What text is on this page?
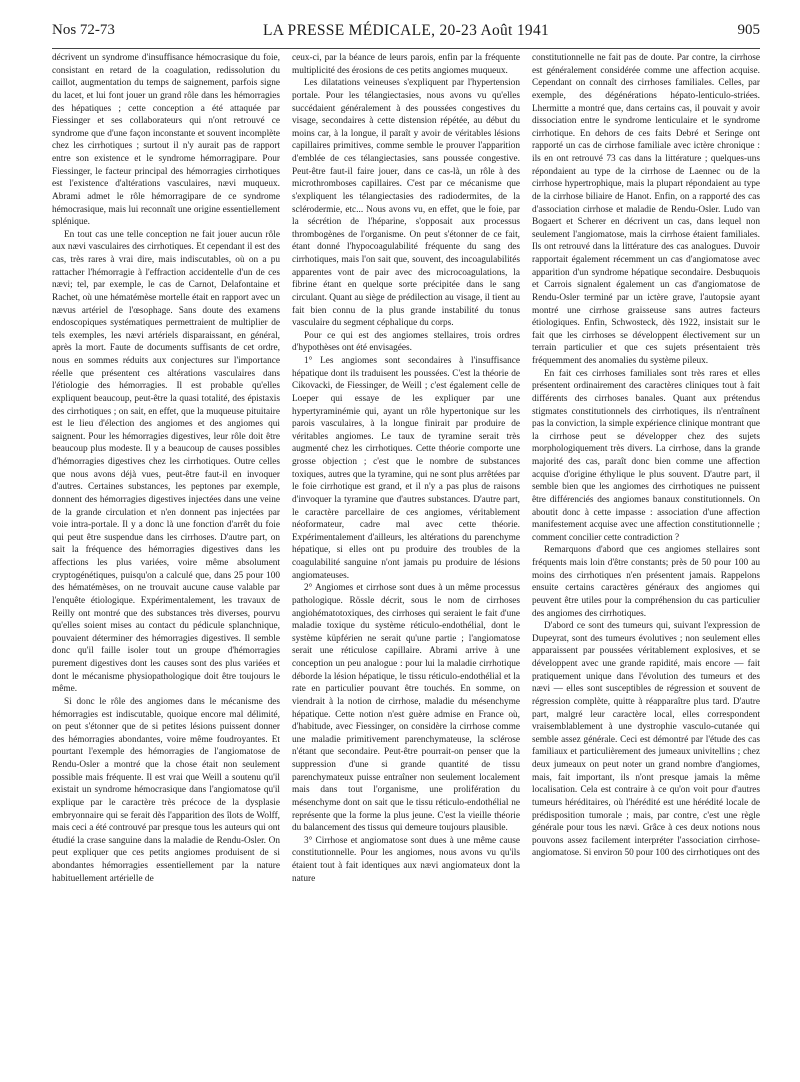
Nos 72-73	LA PRESSE MÉDICALE, 20-23 Août 1941	905

décrivent un syndrome d'insuffisance hémocrasique du foie, consistant en retard de la coagulation, redissolution du caillot, augmentation du temps de saignement, parfois signe du lacet, et lui font jouer un grand rôle dans les hémorragies des hépatiques ; cette conception a été attaquée par Fiessinger et ses collaborateurs qui n'ont retrouvé ce syndrome que d'une façon inconstante et souvent incomplète chez les cirrhotiques ; surtout il n'y aurait pas de rapport entre son existence et le syndrome hémorragipare. Pour Fiessinger, le facteur principal des hémorragies cirrhotiques est l'existence d'altérations vasculaires, nævi muqueux. Abrami admet le rôle hémorragipare de ce syndrome hémocrasique, mais lui reconnaît une origine essentiellement splénique.

En tout cas une telle conception ne fait jouer aucun rôle aux nævi vasculaires des cirrhotiques. Et cependant il est des cas, très rares à vrai dire, mais indiscutables, où on a pu rattacher l'hémorragie à l'effraction accidentelle d'un de ces nævi; tel, par exemple, le cas de Carnot, Delafontaine et Rachet, où une hématémèse mortelle était en rapport avec un nævus artériel de l'œsophage. Sans doute des examens endoscopiques systématiques permettraient de multiplier de tels exemples, les nævi artériels disparaissant, en général, après la mort. Faute de documents suffisants de cet ordre, nous en sommes réduits aux conjectures sur l'importance réelle que présentent ces altérations vasculaires dans l'étiologie des hémorragies. Il est probable qu'elles expliquent beaucoup, peut-être la quasi totalité, des épistaxis des cirrhotiques ; on sait, en effet, que la muqueuse pituitaire est le lieu d'élection des angiomes et des angiomes qui saignent. Pour les hémorragies digestives, leur rôle doit être beaucoup plus modeste. Il y a beaucoup de causes possibles d'hémorragies digestives chez les cirrhotiques. Outre celles que nous avons déjà vues, peut-être faut-il en invoquer d'autres. Certaines substances, les peptones par exemple, donnent des hémorragies digestives injectées dans une veine de la grande circulation et n'en donnent pas injectées par voie intra-portale. Il y a donc là une fonction d'arrêt du foie qui peut être suspendue dans les cirrhoses. D'autre part, on sait la fréquence des hémorragies digestives dans les affections les plus variées, voire même absolument cryptogénétiques, puisqu'on a calculé que, dans 25 pour 100 des hématémèses, on ne trouvait aucune cause valable par l'enquête étiologique. Expérimentalement, les travaux de Reilly ont montré que des substances très diverses, pourvu qu'elles soient mises au contact du pédicule splanchnique, pouvaient déterminer des hémorragies digestives. Il semble donc qu'il faille isoler tout un groupe d'hémorragies purement digestives dont les causes sont des plus variées et dont le mécanisme physiopathologique doit être toujours le même.

Si donc le rôle des angiomes dans le mécanisme des hémorragies est indiscutable, quoique encore mal délimité, on peut s'étonner que de si petites lésions puissent donner des hémorragies abondantes, voire même foudroyantes. Et pourtant l'exemple des hémorragies de l'angiomatose de Rendu-Osler a montré que la chose était non seulement possible mais fréquente. Il est vrai que Weill a soutenu qu'il existait un syndrome hémocrasique dans l'angiomatose qu'il explique par le caractère très précoce de la dysplasie embryonnaire qui se ferait dès l'apparition des îlots de Wolff, mais ceci a été controuvé par presque tous les auteurs qui ont étudié la crase sanguine dans la maladie de Rendu-Osler. On peut expliquer que ces petits angiomes produisent de si abondantes hémorragies essentiellement par la nature habituellement artérielle de

ceux-ci, par la béance de leurs parois, enfin par la fréquente multiplicité des érosions de ces petits angiomes muqueux.

Les dilatations veineuses s'expliquent par l'hypertension portale. Pour les télangiectasies, nous avons vu qu'elles succédaient généralement à des poussées congestives du visage, secondaires à cette distension répétée, au début du moins car, à la longue, il paraît y avoir de véritables lésions capillaires primitives, comme semble le prouver l'apparition d'emblée de ces télangiectasies, sans poussée congestive. Peut-être faut-il faire jouer, dans ce cas-là, un rôle à des microthromboses capillaires. C'est par ce mécanisme que s'expliquent les télangiectasies des radiodermites, de la sclérodermie, etc... Nous avons vu, en effet, que le foie, par la sécrétion de l'héparine, s'opposait aux processus thrombogènes de l'organisme. On peut s'étonner de ce fait, étant donné l'hypocoagulabilité fréquente du sang des cirrhotiques, mais l'on sait que, souvent, des incoagulabilités apparentes vont de pair avec des microcoagulations, la fibrine étant en quelque sorte précipitée dans le sang circulant. Quant au siège de prédilection au visage, il tient au fait bien connu de la plus grande instabilité du tonus vasculaire du segment céphalique du corps.

Pour ce qui est des angiomes stellaires, trois ordres d'hypothèses ont été envisagées.

1° Les angiomes sont secondaires à l'insuffisance hépatique dont ils traduisent les poussées. C'est la théorie de Cikovacki, de Fiessinger, de Weill ; c'est également celle de Loeper qui essaye de les expliquer par une hypertyraminémie qui, ayant un rôle hypertonique sur les parois vasculaires, à la longue finirait par produire de véritables angiomes. Le taux de tyramine serait très augmenté chez les cirrhotiques. Cette théorie comporte une grosse objection ; c'est que le nombre de substances toxiques, autres que la tyramine, qui ne sont plus arrêtées par le foie cirrhotique est grand, et il n'y a pas plus de raisons d'invoquer la tyramine que d'autres substances. D'autre part, le caractère parcellaire de ces angiomes, véritablement néoformateur, cadre mal avec cette théorie. Expérimentalement d'ailleurs, les altérations du parenchyme hépatique, si elles ont pu produire des troubles de la coagulabilité sanguine n'ont jamais pu produire de lésions angiomateuses.

2° Angiomes et cirrhose sont dues à un même processus pathologique. Rössle décrit, sous le nom de cirrhoses angiohématotoxiques, des cirrhoses qui seraient le fait d'une maladie toxique du système réticulo-endothélial, dont le système küpférien ne serait qu'une partie ; l'angiomatose serait une réticulose capillaire. Abrami arrive à une conception un peu analogue : pour lui la maladie cirrhotique déborde la lésion hépatique, le tissu réticulo-endothélial et la rate en particulier pouvant être touchés. En somme, on viendrait à la notion de cirrhose, maladie du mésenchyme hépatique. Cette notion n'est guère admise en France où, d'habitude, avec Fiessinger, on considère la cirrhose comme une maladie primitivement parenchymateuse, la sclérose n'étant que secondaire. Peut-être pourrait-on penser que la suppression d'une si grande quantité de tissu parenchymateux puisse entraîner non seulement localement mais dans tout l'organisme, une prolifération du mésenchyme dont on sait que le tissu réticulo-endothélial ne représente que la forme la plus jeune. C'est la vieille théorie du balancement des tissus qui demeure toujours plausible.

3° Cirrhose et angiomatose sont dues à une même cause constitutionnelle. Pour les angiomes, nous avons vu qu'ils étaient tout à fait identiques aux nævi angiomateux dont la nature

constitutionnelle ne fait pas de doute. Par contre, la cirrhose est généralement considérée comme une affection acquise. Cependant on connaît des cirrhoses familiales. Celles, par exemple, des dégénérations hépato-lenticulo-striées. Lhermitte a montré que, dans certains cas, il pouvait y avoir dissociation entre le syndrome lenticulaire et le syndrome cirrhotique. En dehors de ces faits Debré et Seringe ont rapporté un cas de cirrhose familiale avec ictère chronique : ils en ont retrouvé 73 cas dans la littérature ; quelques-uns répondaient au type de la cirrhose de Laennec ou de la cirrhose hypertrophique, mais la plupart répondaient au type de la cirrhose biliaire de Hanot. Enfin, on a rapporté des cas d'association cirrhose et maladie de Rendu-Osler. Ludo van Bogaert et Scherer en décrivent un cas, dans lequel non seulement l'angiomatose, mais la cirrhose étaient familiales. Ils ont retrouvé dans la littérature des cas analogues. Duvoir rapportait également récemment un cas d'angiomatose avec apparition d'un syndrome hépatique secondaire. Desbuquois et Carrois signalent également un cas d'angiomatose de Rendu-Osler terminé par un ictère grave, l'autopsie ayant montré une cirrhose graisseuse sans autres facteurs étiologiques. Enfin, Schwosteck, dès 1922, insistait sur le fait que les cirrhoses se développent électivement sur un terrain particulier et que ces sujets présentaient très fréquemment des anomalies du système pileux.

En fait ces cirrhoses familiales sont très rares et elles présentent ordinairement des caractères cliniques tout à fait différents des cirrhoses banales. Quant aux prétendus stigmates constitutionnels des cirrhotiques, ils n'entraînent pas la conviction, la simple expérience clinique montrant que la cirrhose peut se développer chez des sujets morphologiquement très divers. La cirrhose, dans la grande majorité des cas, paraît donc bien comme une affection acquise d'origine éthylique le plus souvent. D'autre part, il semble bien que les angiomes des cirrhotiques ne puissent être différenciés des angiomes banaux constitutionnels. On aboutit donc à cette impasse : association d'une affection manifestement acquise avec une affection constitutionnelle ; comment concilier cette contradiction ?

Remarquons d'abord que ces angiomes stellaires sont fréquents mais loin d'être constants; près de 50 pour 100 au moins des cirrhotiques n'en présentent jamais. Rappelons ensuite certains caractères généraux des angiomes qui peuvent être utiles pour la compréhension du cas particulier des angiomes des cirrhotiques.

D'abord ce sont des tumeurs qui, suivant l'expression de Dupeyrat, sont des tumeurs évolutives ; non seulement elles apparaissent par poussées véritablement explosives, et se développent avec une grande rapidité, mais encore — fait pratiquement unique dans l'évolution des tumeurs et des nævi — elles sont susceptibles de régression et souvent de régression complète, quitte à réapparaître plus tard. D'autre part, malgré leur caractère local, elles correspondent vraisemblablement à une dystrophie vasculo-cutanée qui semble assez générale. Ceci est démontré par l'étude des cas familiaux et particulièrement des jumeaux univitellins ; chez deux jumeaux on peut noter un grand nombre d'angiomes, mais, fait important, ils n'ont presque jamais la même localisation. Cela est contraire à ce qu'on voit pour d'autres tumeurs héréditaires, où l'hérédité est une hérédité locale de prédisposition tumorale ; mais, par contre, c'est une règle générale pour tous les nævi. Grâce à ces deux notions nous pouvons assez facilement interpréter l'association cirrhose-angiomatose. Si environ 50 pour 100 des cirrhotiques ont des
